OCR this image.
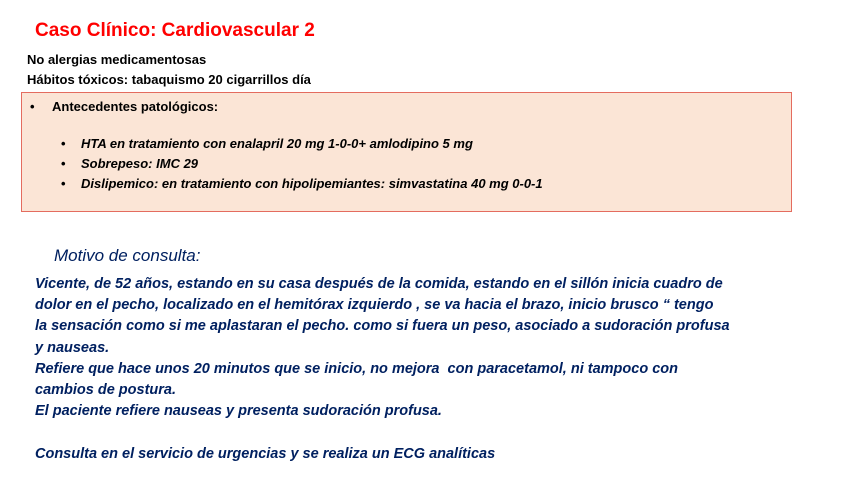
Caso Clínico: Cardiovascular 2
No alergias medicamentosas
Hábitos tóxicos: tabaquismo 20 cigarrillos día
• Antecedentes patológicos:
• HTA en tratamiento con enalapril 20 mg 1-0-0+ amlodipino 5 mg
• Sobrepeso: IMC 29
• Dislipemico: en tratamiento con hipolipemiantes: simvastatina 40 mg 0-0-1
Motivo de consulta:
Vicente, de 52 años, estando en su casa después de la comida, estando en el sillón inicia cuadro de
dolor en el pecho, localizado en el hemitórax izquierdo , se va hacia el brazo, inicio brusco “ tengo
la sensación como si me aplastaran el pecho. como si fuera un peso, asociado a sudoración profusa
y nauseas.
Refiere que hace unos 20 minutos que se inicio, no mejora  con paracetamol, ni tampoco con
cambios de postura.
El paciente refiere nauseas y presenta sudoración profusa.
Consulta en el servicio de urgencias y se realiza un ECG analíticas
